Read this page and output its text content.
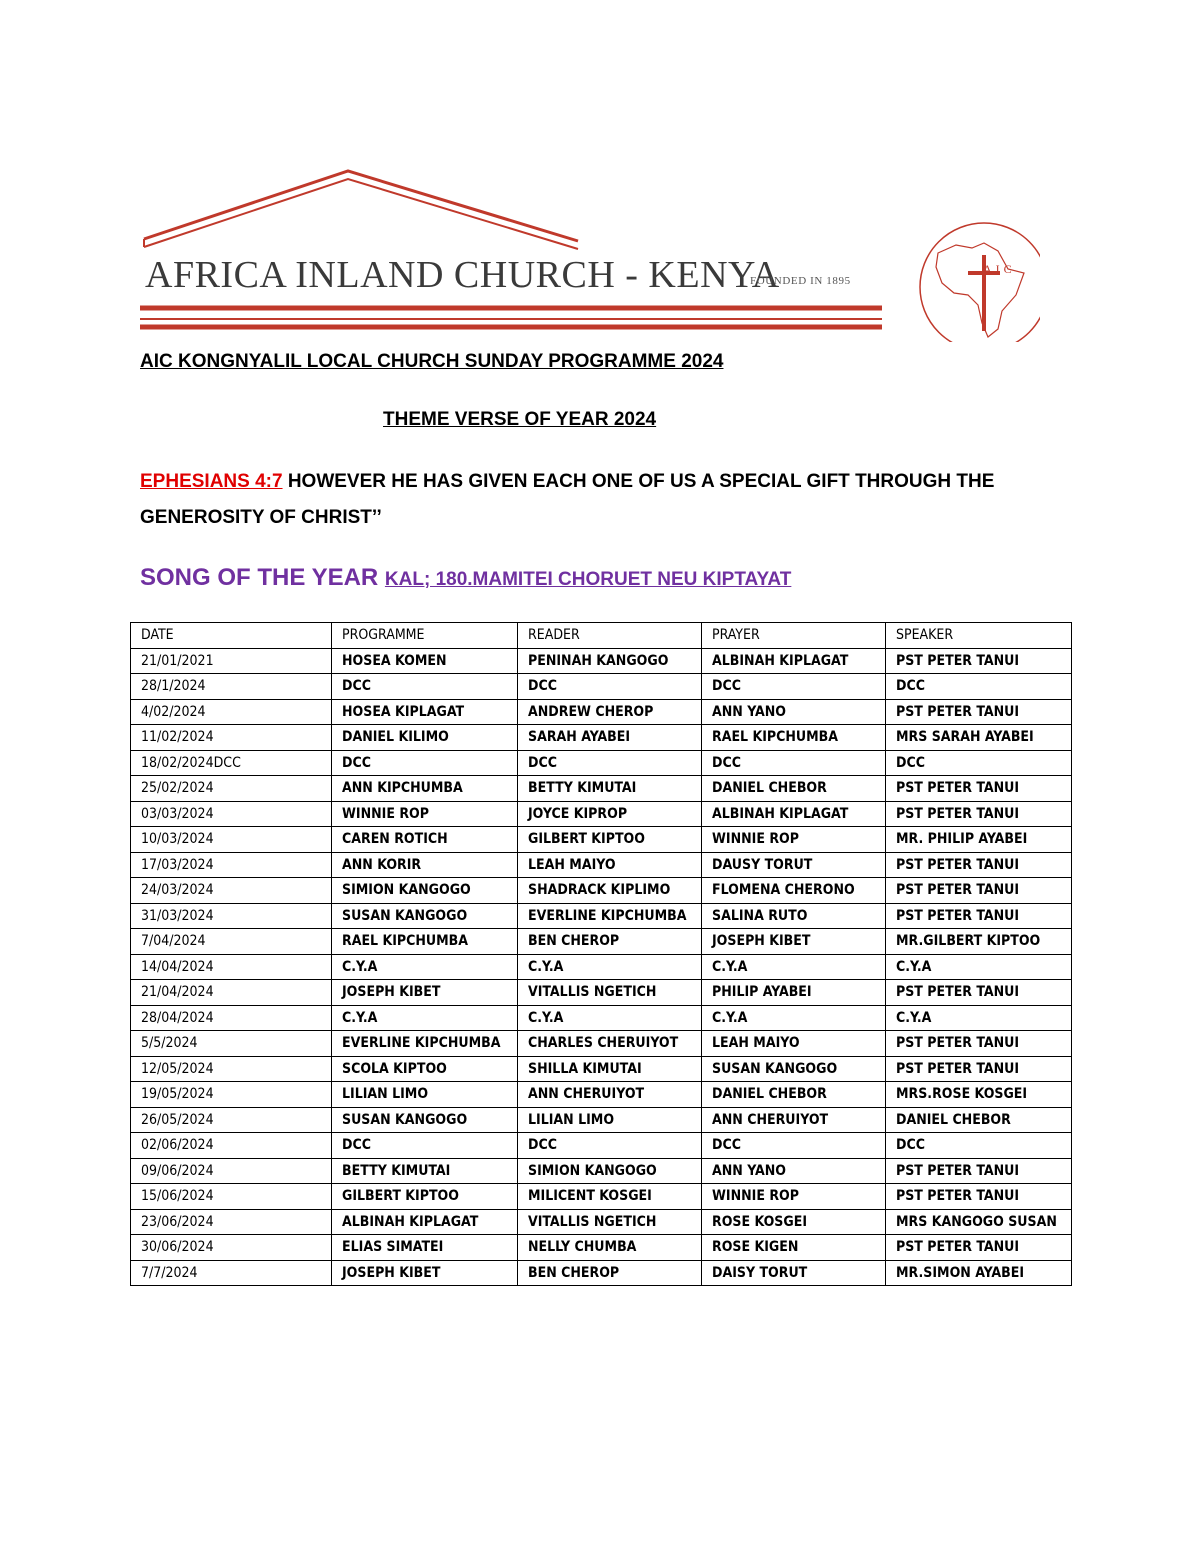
AFRICA INLAND CHURCH - KENYA
FOUNDED IN 1895
AIC
AIC KONGNYALIL LOCAL CHURCH SUNDAY PROGRAMME 2024
THEME VERSE OF YEAR 2024
EPHESIANS 4:7 HOWEVER HE HAS GIVEN EACH ONE OF US A SPECIAL GIFT THROUGH THE GENEROSITY OF CHRIST’’
SONG OF THE YEAR KAL; 180.MAMITEI CHORUET NEU KIPTAYAT
DATE	PROGRAMME	READER	PRAYER	SPEAKER
21/01/2021	HOSEA KOMEN	PENINAH KANGOGO	ALBINAH KIPLAGAT	PST PETER TANUI
28/1/2024	DCC	DCC	DCC	DCC
4/02/2024	HOSEA KIPLAGAT	ANDREW CHEROP	ANN YANO	PST PETER TANUI
11/02/2024	DANIEL KILIMO	SARAH AYABEI	RAEL KIPCHUMBA	MRS SARAH AYABEI
18/02/2024DCC	DCC	DCC	DCC	DCC
25/02/2024	ANN KIPCHUMBA	BETTY KIMUTAI	DANIEL CHEBOR	PST PETER TANUI
03/03/2024	WINNIE ROP	JOYCE KIPROP	ALBINAH KIPLAGAT	PST PETER TANUI
10/03/2024	CAREN ROTICH	GILBERT KIPTOO	WINNIE ROP	MR. PHILIP AYABEI
17/03/2024	ANN KORIR	LEAH MAIYO	DAUSY TORUT	PST PETER TANUI
24/03/2024	SIMION KANGOGO	SHADRACK KIPLIMO	FLOMENA CHERONO	PST PETER TANUI
31/03/2024	SUSAN KANGOGO	EVERLINE KIPCHUMBA	SALINA RUTO	PST PETER TANUI
7/04/2024	RAEL KIPCHUMBA	BEN CHEROP	JOSEPH KIBET	MR.GILBERT KIPTOO
14/04/2024	C.Y.A	C.Y.A	C.Y.A	C.Y.A
21/04/2024	JOSEPH KIBET	VITALLIS NGETICH	PHILIP AYABEI	PST PETER TANUI
28/04/2024	C.Y.A	C.Y.A	C.Y.A	C.Y.A
5/5/2024	EVERLINE KIPCHUMBA	CHARLES CHERUIYOT	LEAH MAIYO	PST PETER TANUI
12/05/2024	SCOLA KIPTOO	SHILLA KIMUTAI	SUSAN KANGOGO	PST PETER TANUI
19/05/2024	LILIAN LIMO	ANN CHERUIYOT	DANIEL CHEBOR	MRS.ROSE KOSGEI
26/05/2024	SUSAN KANGOGO	LILIAN LIMO	ANN CHERUIYOT	DANIEL CHEBOR
02/06/2024	DCC	DCC	DCC	DCC
09/06/2024	BETTY KIMUTAI	SIMION KANGOGO	ANN YANO	PST PETER TANUI
15/06/2024	GILBERT KIPTOO	MILICENT KOSGEI	WINNIE ROP	PST PETER TANUI
23/06/2024	ALBINAH KIPLAGAT	VITALLIS NGETICH	ROSE KOSGEI	MRS KANGOGO SUSAN
30/06/2024	ELIAS SIMATEI	NELLY CHUMBA	ROSE KIGEN	PST PETER TANUI
7/7/2024	JOSEPH KIBET	BEN CHEROP	DAISY TORUT	MR.SIMON AYABEI
